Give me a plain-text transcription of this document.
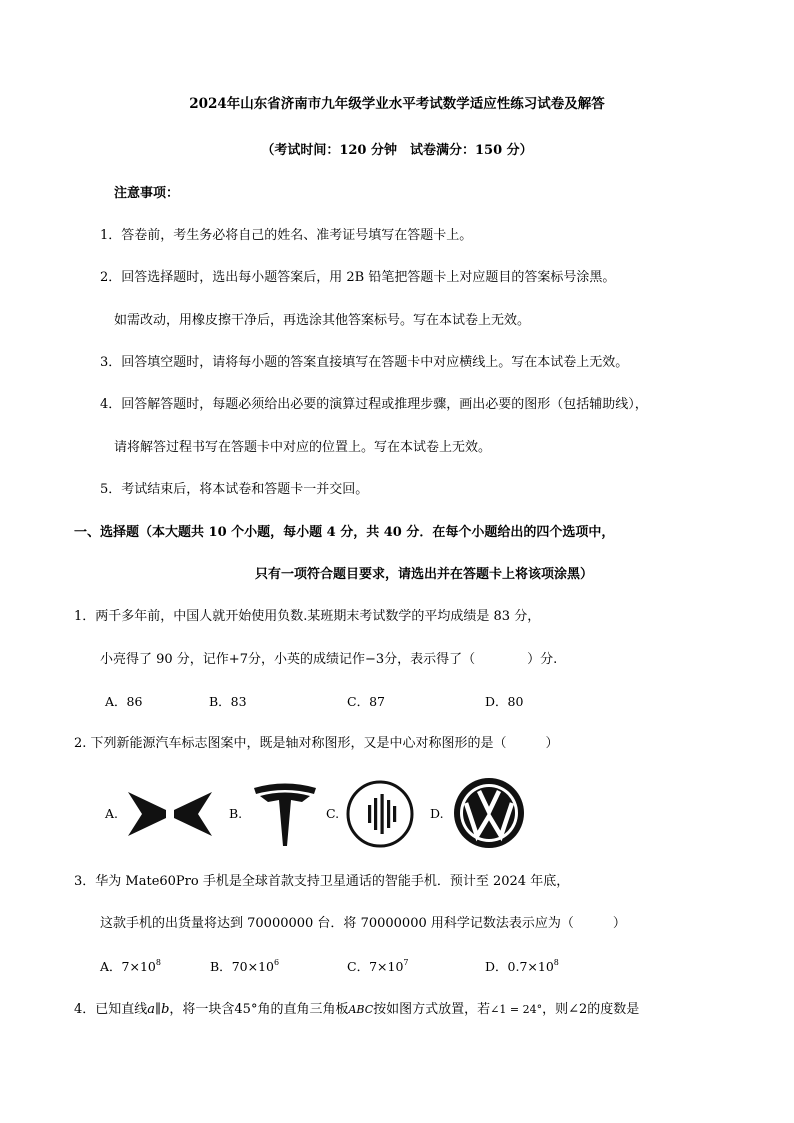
2024年山东省济南市九年级学业水平考试数学适应性练习试卷及解答
（考试时间：120 分钟　试卷满分：150 分）
注意事项：
1．答卷前，考生务必将自己的姓名、准考证号填写在答题卡上。
2．回答选择题时，选出每小题答案后，用 2B 铅笔把答题卡上对应题目的答案标号涂黑。
如需改动，用橡皮擦干净后，再选涂其他答案标号。写在本试卷上无效。
3．回答填空题时，请将每小题的答案直接填写在答题卡中对应横线上。写在本试卷上无效。
4．回答解答题时，每题必须给出必要的演算过程或推理步骤，画出必要的图形（包括辅助线），
请将解答过程书写在答题卡中对应的位置上。写在本试卷上无效。
5．考试结束后，将本试卷和答题卡一并交回。
一、选择题（本大题共 10 个小题，每小题 4 分，共 40 分．在每个小题给出的四个选项中，
只有一项符合题目要求，请选出并在答题卡上将该项涂黑）
1．两千多年前，中国人就开始使用负数.某班期末考试数学的平均成绩是 83 分，
小亮得了 90 分，记作+7分，小英的成绩记作−3分，表示得了（　　　　）分.
A．86	B．83	C．87	D．80
2. 下列新能源汽车标志图案中，既是轴对称图形，又是中心对称图形的是（　　　）
A.	B.	C.	D.
3．华为 Mate60Pro 手机是全球首款支持卫星通话的智能手机．预计至 2024 年底，
这款手机的出货量将达到 70000000 台．将 70000000 用科学记数法表示应为（　　　）
A．$7\times 10^8$	B．$70\times 10^6$	C．$7\times 10^7$	D．$0.7\times 10^8$
4．已知直线a∥b，将一块含45°角的直角三角板ABC按如图方式放置，若∠1 = 24°，则∠2的度数是
